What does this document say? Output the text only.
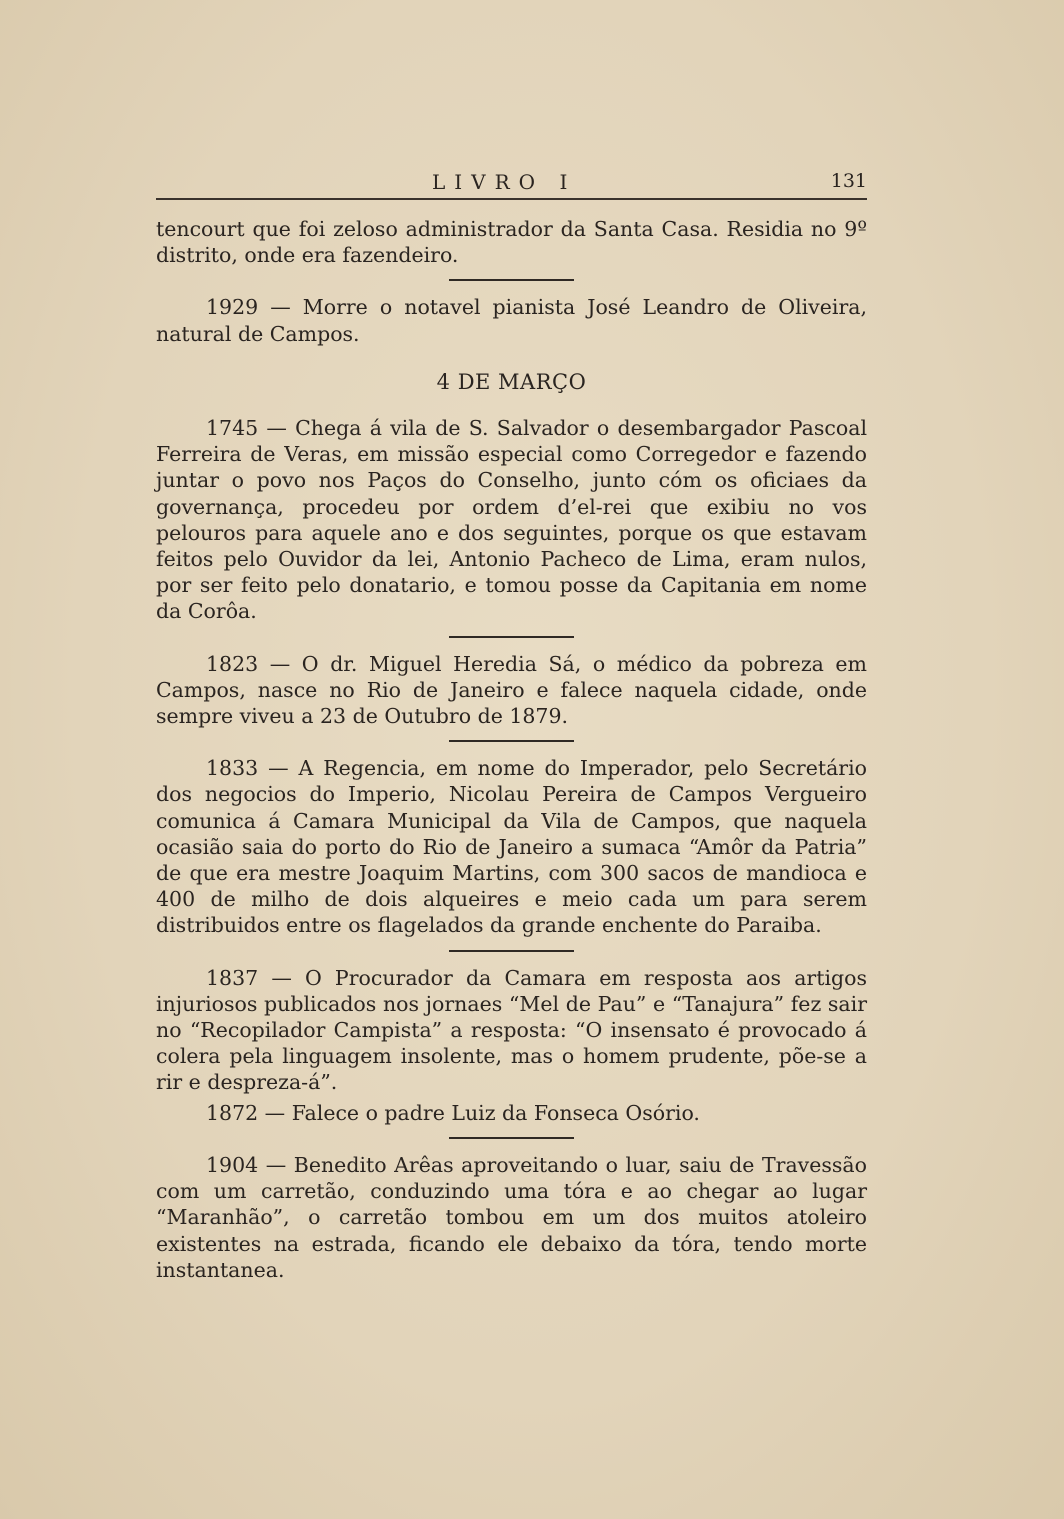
LIVRO I	131

tencourt que foi zeloso administrador da Santa Casa. Residia no 9º distrito, onde era fazendeiro.

1929 — Morre o notavel pianista José Leandro de Oliveira, natural de Campos.

4 DE MARÇO

1745 — Chega á vila de S. Salvador o desembargador Pascoal Ferreira de Veras, em missão especial como Corregedor e fazendo juntar o povo nos Paços do Conselho, junto cóm os oficiaes da governança, procedeu por ordem d’el-rei que exibiu no vos pelouros para aquele ano e dos seguintes, porque os que estavam feitos pelo Ouvidor da lei, Antonio Pacheco de Lima, eram nulos, por ser feito pelo donatario, e tomou posse da Capitania em nome da Corôa.

1823 — O dr. Miguel Heredia Sá, o médico da pobreza em Campos, nasce no Rio de Janeiro e falece naquela cidade, onde sempre viveu a 23 de Outubro de 1879.

1833 — A Regencia, em nome do Imperador, pelo Secretário dos negocios do Imperio, Nicolau Pereira de Campos Vergueiro comunica á Camara Municipal da Vila de Campos, que naquela ocasião saia do porto do Rio de Janeiro a sumaca “Amôr da Patria” de que era mestre Joaquim Martins, com 300 sacos de mandioca e 400 de milho de dois alqueires e meio cada um para serem distribuidos entre os flagelados da grande enchente do Paraiba.

1837 — O Procurador da Camara em resposta aos artigos injuriosos publicados nos jornaes “Mel de Pau” e “Tanajura” fez sair no “Recopilador Campista” a resposta: “O insensato é provocado á colera pela linguagem insolente, mas o homem prudente, põe-se a rir e despreza-á”.

1872 — Falece o padre Luiz da Fonseca Osório.

1904 — Benedito Arêas aproveitando o luar, saiu de Travessão com um carretão, conduzindo uma tóra e ao chegar ao lugar “Maranhão”, o carretão tombou em um dos muitos atoleiro existentes na estrada, ficando ele debaixo da tóra, tendo morte instantanea.
